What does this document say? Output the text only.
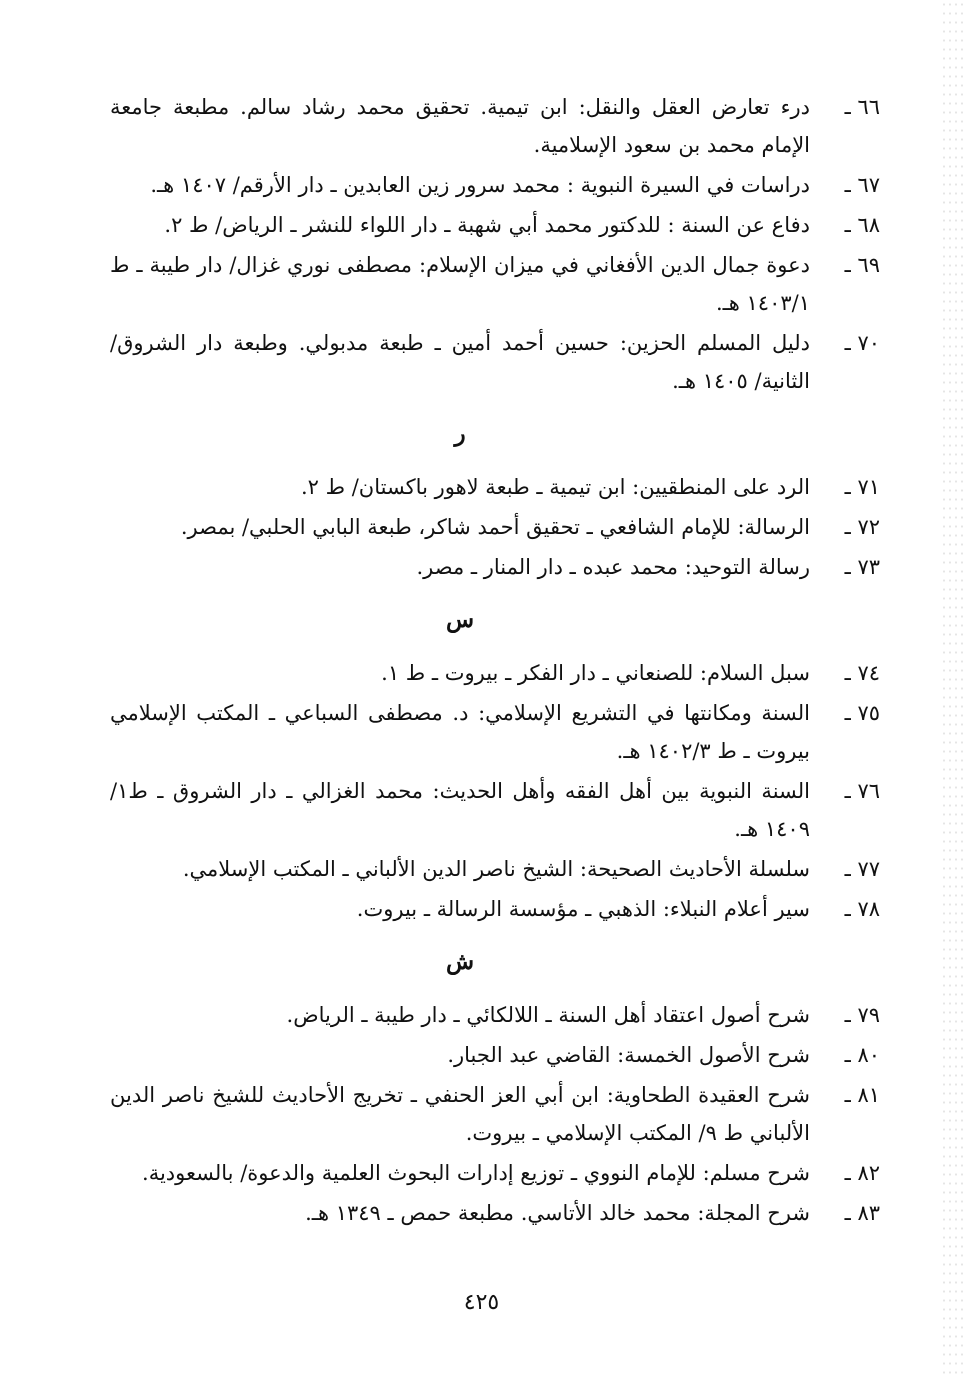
٦٦ ـ
درء تعارض العقل والنقل: ابن تيمية. تحقيق محمد رشاد سالم. مطبعة جامعة الإمام محمد بن سعود الإسلامية.
٦٧ ـ
دراسات في السيرة النبوية : محمد سرور زين العابدين ـ دار الأرقم/ ١٤٠٧ هـ.
٦٨ ـ
دفاع عن السنة : للدكتور محمد أبي شهبة ـ دار اللواء للنشر ـ الرياض/ ط ٢.
٦٩ ـ
دعوة جمال الدين الأفغاني في ميزان الإسلام: مصطفى نوري غزال/ دار طيبة ـ ط ١٤٠٣/١ هـ.
٧٠ ـ
دليل المسلم الحزين: حسين أحمد أمين ـ طبعة مدبولي. وطبعة دار الشروق/الثانية/ ١٤٠٥ هـ.
ر
٧١ ـ
الرد على المنطقيين: ابن تيمية ـ طبعة لاهور باكستان/ ط ٢.
٧٢ ـ
الرسالة: للإمام الشافعي ـ تحقيق أحمد شاكر، طبعة البابي الحلبي/ بمصر.
٧٣ ـ
رسالة التوحيد: محمد عبده ـ دار المنار ـ مصر.
س
٧٤ ـ
سبل السلام: للصنعاني ـ دار الفكر ـ بيروت ـ ط ١.
٧٥ ـ
السنة ومكانتها في التشريع الإسلامي: د. مصطفى السباعي ـ المكتب الإسلامي بيروت ـ ط ١٤٠٢/٣ هـ.
٧٦ ـ
السنة النبوية بين أهل الفقه وأهل الحديث: محمد الغزالي ـ دار الشروق ـ ط١/ ١٤٠٩ هـ.
٧٧ ـ
سلسلة الأحاديث الصحيحة: الشيخ ناصر الدين الألباني ـ المكتب الإسلامي.
٧٨ ـ
سير أعلام النبلاء: الذهبي ـ مؤسسة الرسالة ـ بيروت.
ش
٧٩ ـ
شرح أصول اعتقاد أهل السنة ـ اللالكائي ـ دار طيبة ـ الرياض.
٨٠ ـ
شرح الأصول الخمسة: القاضي عبد الجبار.
٨١ ـ
شرح العقيدة الطحاوية: ابن أبي العز الحنفي ـ تخريج الأحاديث للشيخ ناصر الدين الألباني ط ٩/ المكتب الإسلامي ـ بيروت.
٨٢ ـ
شرح مسلم: للإمام النووي ـ توزيع إدارات البحوث العلمية والدعوة/ بالسعودية.
٨٣ ـ
شرح المجلة: محمد خالد الأتاسي. مطبعة حمص ـ ١٣٤٩ هـ.
٤٢٥
